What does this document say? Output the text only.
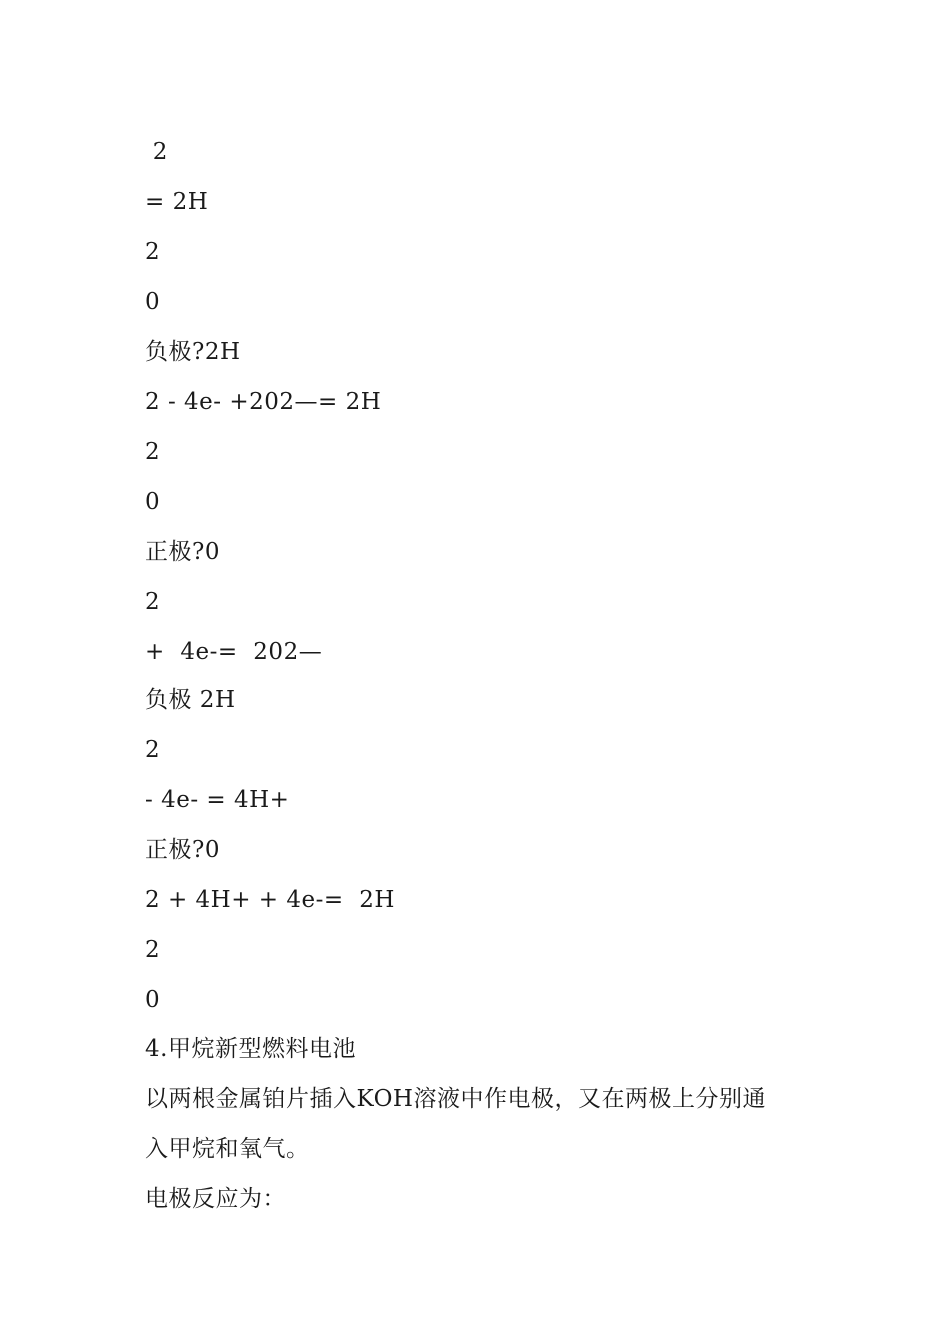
2
= 2H
2
0
负极?2H
2 - 4e- +202—= 2H
2
0
正极?0
2
+  4e-=  202—
负极 2H
2
- 4e- = 4H+
正极?0
2 + 4H+ + 4e-=  2H
2
0
4.甲烷新型燃料电池
以两根金属铂片插入KOH溶液中作电极，又在两极上分别通
入甲烷和氧气。
电极反应为：
